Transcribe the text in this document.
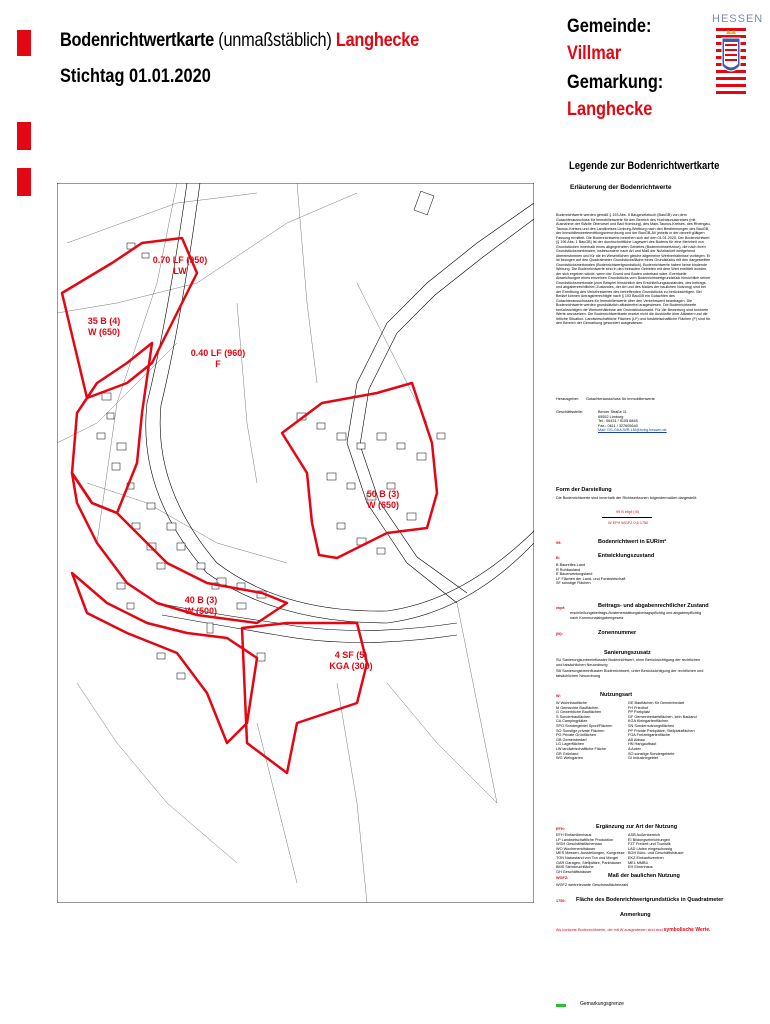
Bodenrichtwertkarte (unmaßstäblich) Langhecke
Stichtag 01.01.2020
Gemeinde:
Villmar
Gemarkung:
Langhecke
HESSEN
0.70 LF (950)
LW
35 B (4)
W (650)
0.40 LF (960)
F
50 B (3)
W (650)
40 B (3)
W (500)
4 SF (5)
KGA (300)
Legende zur Bodenrichtwertkarte
Erläuterung der Bodenrichtwerte
Bodenrichtwerte werden gemäß § 193 Abs. 5 Baugesetzbuch (BauGB) von dem Gutachterausschuss für Immobilienwerte für den Bereich des Hochtaunuskreises (mit Ausnahme der Städte Oberursel und Bad Homburg), des Main-Taunus-Kreises, des Rheingau-Taunus-Kreises und des Landkreises Limburg-Weilburg nach den Bestimmungen des BauGB, der Immobilienwertermittlungsverordnung und der BauGB-AV jeweils in der derzeit gültigen Fassung ermittelt. Die Bodenrichtwerte beziehen sich auf den 01.01.2020. Der Bodenrichtwert (§ 196 Abs. 1 BauGB) ist der durchschnittliche Lagewert des Bodens für eine Mehrheit von Grundstücken innerhalb eines abgegrenzten Gebietes (Bodenrichtwertzone), die nach ihren Grundstücksmerkmalen, insbesondere nach Art und Maß der Nutzbarkeit weitgehend übereinstimmen und für die im Wesentlichen gleiche allgemeine Wertverhältnisse vorliegen. Er ist bezogen auf den Quadratmeter Grundstücksfläche eines Grundstücks mit den dargestellten Grundstücksmerkmalen (Bodenrichtwertgrundstück). Bodenrichtwerte haben keine bindende Wirkung. Die Bodenrichtwerte sind in den bebauten Gebieten mit dem Wert ermittelt worden, der sich ergeben würde, wenn der Grund und Boden unbebaut wäre. Eventuelle Abweichungen eines einzelnen Grundstücks vom Bodenrichtwertgrundstück hinsichtlich seiner Grundstücksmerkmale (zum Beispiel hinsichtlich des Erschließungszustandes, des beitrags- und abgabenrechtlichen Zustandes, der Art und des Maßes der baulichen Nutzung) sind bei der Ermittlung des Verkehrswertes des betreffenden Grundstücks zu berücksichtigen. Bei Bedarf können Antragsberechtigte nach § 193 BauGB ein Gutachten des Gutachterausschusses für Immobilienwerte über den Verkehrswert beantragen. Die Bodenrichtwerte werden grundsätzlich altlastenfrei ausgewiesen. Die Bodenrichtwerte berücksichtigen die Wertverhältnisse am Grundstücksmarkt. Für die Bewertung sind konkrete Werte anzusetzen. Die Bodenrichtwertkarte ersetzt nicht die Auskünfte über Altlasten und die örtliche Situation. Landwirtschaftliche Flächen (LF) und forstwirtschaftliche Flächen (F) sind für den Bereich der Gemarkung gesondert ausgewiesen.
Herausgeber: Gutachterausschuss für Immobilienwerte
Geschäftsstelle:	Berner Straße 11
65552 Limburg
Tel.: 06431 / 9105 6845
Fax.: 0611 / 327605640
Mail: GS-GAA-WR-LM@hvbg.hessen.de
Form der Darstellung
Die Bodenrichtwerte sind innerhalb der Richtwertzonen folgendermaßen dargestellt:
99 B ebpf (III)
W EFH WGFZ 0,6 1750
99:	Bodenrichtwert in EUR/m²
B:	Entwicklungszustand
B Baureifes Land
R Rohbauland
E Bauerwartungsland
LF Flächen der Land- und Forstwirtschaft
SF sonstige Flächen
ebpf:	Beitrags- und abgabenrechtlicher Zustand
erschließungsbeitrags-/kostenerstattungsbetragspflichtig und abgabenpflichtig nach Kommunalabgabengesetz
(III):	Zonennummer
Sanierungszusatz
SU Sanierungsunbeeinflusster Bodenrichtwert, ohne Berücksichtigung der rechtlichen und tatsächlichen Neuordnung
SB Sanierungsbeeinflusster Bodenrichtwert, unter Berücksichtigung der rechtlichen und tatsächlichen Neuordnung
W:	Nutzungsart
W Wohnbaufläche
M Gemischte Bauflächen
G Gewerbliche Bauflächen
S Sonderbauflächen
CA Campingplätze
SPO Sondergebiet Sport/Flächen
SO Sonstige private Flächen
PG Private Grünflächen
GB Gemeinbedarf
LG Lagerflächen
LW landwirtschaftliche Fläche
GR Grünland
WG Weingarten
GE Bauflächen für Gemeinbedarf
FH Friedhof
PP Parkplatz
GF Gemeinbedarfsflächen, kein Bauland
KGA Kleingartenflächen
SN Sondernutzungsflächen
PP Private Parkplätze, Stellplatzflächen
FGA Freizeitgartenfläche
AB Abbau
HN Hangaufbaut
A Acker
SO sonstige Sondergebiete
GI Industriegebiet
EFH:	Ergänzung zur Art der Nutzung
EFH Einfamilienhaus
LP Landwirtschaftliche Produktion
WGH Geschäftsflächenbau
WO Wochenendhäuser
MES Messen, Ausstellungen, Kongresse
TON Naturstand von Ton und Mergel
GAR Garagen, Stellplätze, Parkhäuser
BMS Steinbruchfläche
GH Geschäftshäuser
ASB Außenbereich
EI Bildungseinrichtungen
FZT Freizeit und Touristik
LAD Läden eingeschossig
BGH Büro- und Geschäftshäuser
EKZ Einkaufszentren
MEL MMBü
EH Ehrenhaus
WGFZ:	Maß der baulichen Nutzung
WGFZ wertrelevante Geschossflächenzahl
1750: Fläche des Bodenrichtwertgrundstücks in Quadratmeter
Anmerkung
Als konkrete Bodenrichtwerte, die mit W ausgewiesen sind sind symbolische Werte.
Gemarkungsgrenze
